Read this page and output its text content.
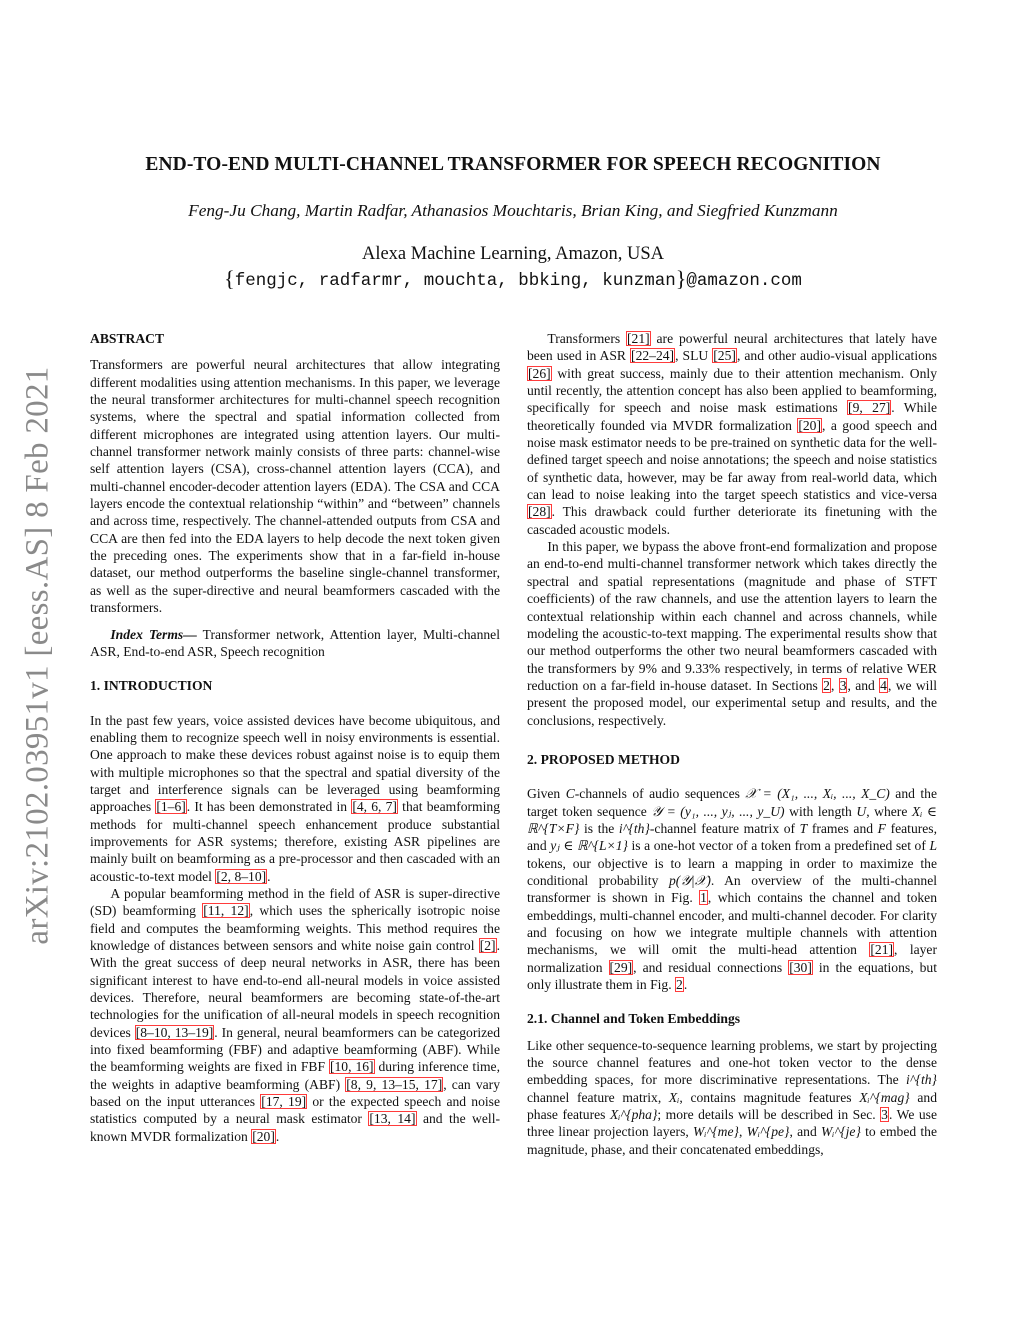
arXiv:2102.03951v1 [eess.AS] 8 Feb 2021
END-TO-END MULTI-CHANNEL TRANSFORMER FOR SPEECH RECOGNITION
Feng-Ju Chang, Martin Radfar, Athanasios Mouchtaris, Brian King, and Siegfried Kunzmann
Alexa Machine Learning, Amazon, USA
{fengjc, radfarmr, mouchta, bbking, kunzman}@amazon.com

ABSTRACT

Transformers are powerful neural architectures that allow integrating different modalities using attention mechanisms. In this paper, we leverage the neural transformer architectures for multi-channel speech recognition systems, where the spectral and spatial information collected from different microphones are integrated using attention layers. Our multi-channel transformer network mainly consists of three parts: channel-wise self attention layers (CSA), cross-channel attention layers (CCA), and multi-channel encoder-decoder attention layers (EDA). The CSA and CCA layers encode the contextual relationship “within” and “between” channels and across time, respectively. The channel-attended outputs from CSA and CCA are then fed into the EDA layers to help decode the next token given the preceding ones. The experiments show that in a far-field in-house dataset, our method outperforms the baseline single-channel transformer, as well as the super-directive and neural beamformers cascaded with the transformers.

Index Terms— Transformer network, Attention layer, Multi-channel ASR, End-to-end ASR, Speech recognition

1. INTRODUCTION

In the past few years, voice assisted devices have become ubiquitous, and enabling them to recognize speech well in noisy environments is essential. One approach to make these devices robust against noise is to equip them with multiple microphones so that the spectral and spatial diversity of the target and interference signals can be leveraged using beamforming approaches [1–6]. It has been demonstrated in [4, 6, 7] that beamforming methods for multi-channel speech enhancement produce substantial improvements for ASR systems; therefore, existing ASR pipelines are mainly built on beamforming as a pre-processor and then cascaded with an acoustic-to-text model [2, 8–10].

A popular beamforming method in the field of ASR is super-directive (SD) beamforming [11, 12], which uses the spherically isotropic noise field and computes the beamforming weights. This method requires the knowledge of distances between sensors and white noise gain control [2]. With the great success of deep neural networks in ASR, there has been significant interest to have end-to-end all-neural models in voice assisted devices. Therefore, neural beamformers are becoming state-of-the-art technologies for the unification of all-neural models in speech recognition devices [8–10, 13–19]. In general, neural beamformers can be categorized into fixed beamforming (FBF) and adaptive beamforming (ABF). While the beamforming weights are fixed in FBF [10, 16] during inference time, the weights in adaptive beamforming (ABF) [8, 9, 13–15, 17], can vary based on the input utterances [17, 19] or the expected speech and noise statistics computed by a neural mask estimator [13, 14] and the well-known MVDR formalization [20].

Transformers [21] are powerful neural architectures that lately have been used in ASR [22–24], SLU [25], and other audio-visual applications [26] with great success, mainly due to their attention mechanism. Only until recently, the attention concept has also been applied to beamforming, specifically for speech and noise mask estimations [9, 27]. While theoretically founded via MVDR formalization [20], a good speech and noise mask estimator needs to be pre-trained on synthetic data for the well-defined target speech and noise annotations; the speech and noise statistics of synthetic data, however, may be far away from real-world data, which can lead to noise leaking into the target speech statistics and vice-versa [28]. This drawback could further deteriorate its finetuning with the cascaded acoustic models.

In this paper, we bypass the above front-end formalization and propose an end-to-end multi-channel transformer network which takes directly the spectral and spatial representations (magnitude and phase of STFT coefficients) of the raw channels, and use the attention layers to learn the contextual relationship within each channel and across channels, while modeling the acoustic-to-text mapping. The experimental results show that our method outperforms the other two neural beamformers cascaded with the transformers by 9% and 9.33% respectively, in terms of relative WER reduction on a far-field in-house dataset. In Sections 2, 3, and 4, we will present the proposed model, our experimental setup and results, and the conclusions, respectively.

2. PROPOSED METHOD

Given C-channels of audio sequences 𝒳 = (X₁, ..., Xᵢ, ..., X_C) and the target token sequence 𝒴 = (y₁, ..., yⱼ, ..., y_U) with length U, where Xᵢ ∈ ℝ^{T×F} is the i^{th}-channel feature matrix of T frames and F features, and yⱼ ∈ ℝ^{L×1} is a one-hot vector of a token from a predefined set of L tokens, our objective is to learn a mapping in order to maximize the conditional probability p(𝒴|𝒳). An overview of the multi-channel transformer is shown in Fig. 1, which contains the channel and token embeddings, multi-channel encoder, and multi-channel decoder. For clarity and focusing on how we integrate multiple channels with attention mechanisms, we will omit the multi-head attention [21], layer normalization [29], and residual connections [30] in the equations, but only illustrate them in Fig. 2.

2.1. Channel and Token Embeddings

Like other sequence-to-sequence learning problems, we start by projecting the source channel features and one-hot token vector to the dense embedding spaces, for more discriminative representations. The i^{th} channel feature matrix, Xᵢ, contains magnitude features Xᵢ^{mag} and phase features Xᵢ^{pha}; more details will be described in Sec. 3. We use three linear projection layers, Wᵢ^{me}, Wᵢ^{pe}, and Wᵢ^{je} to embed the magnitude, phase, and their concatenated embeddings,
